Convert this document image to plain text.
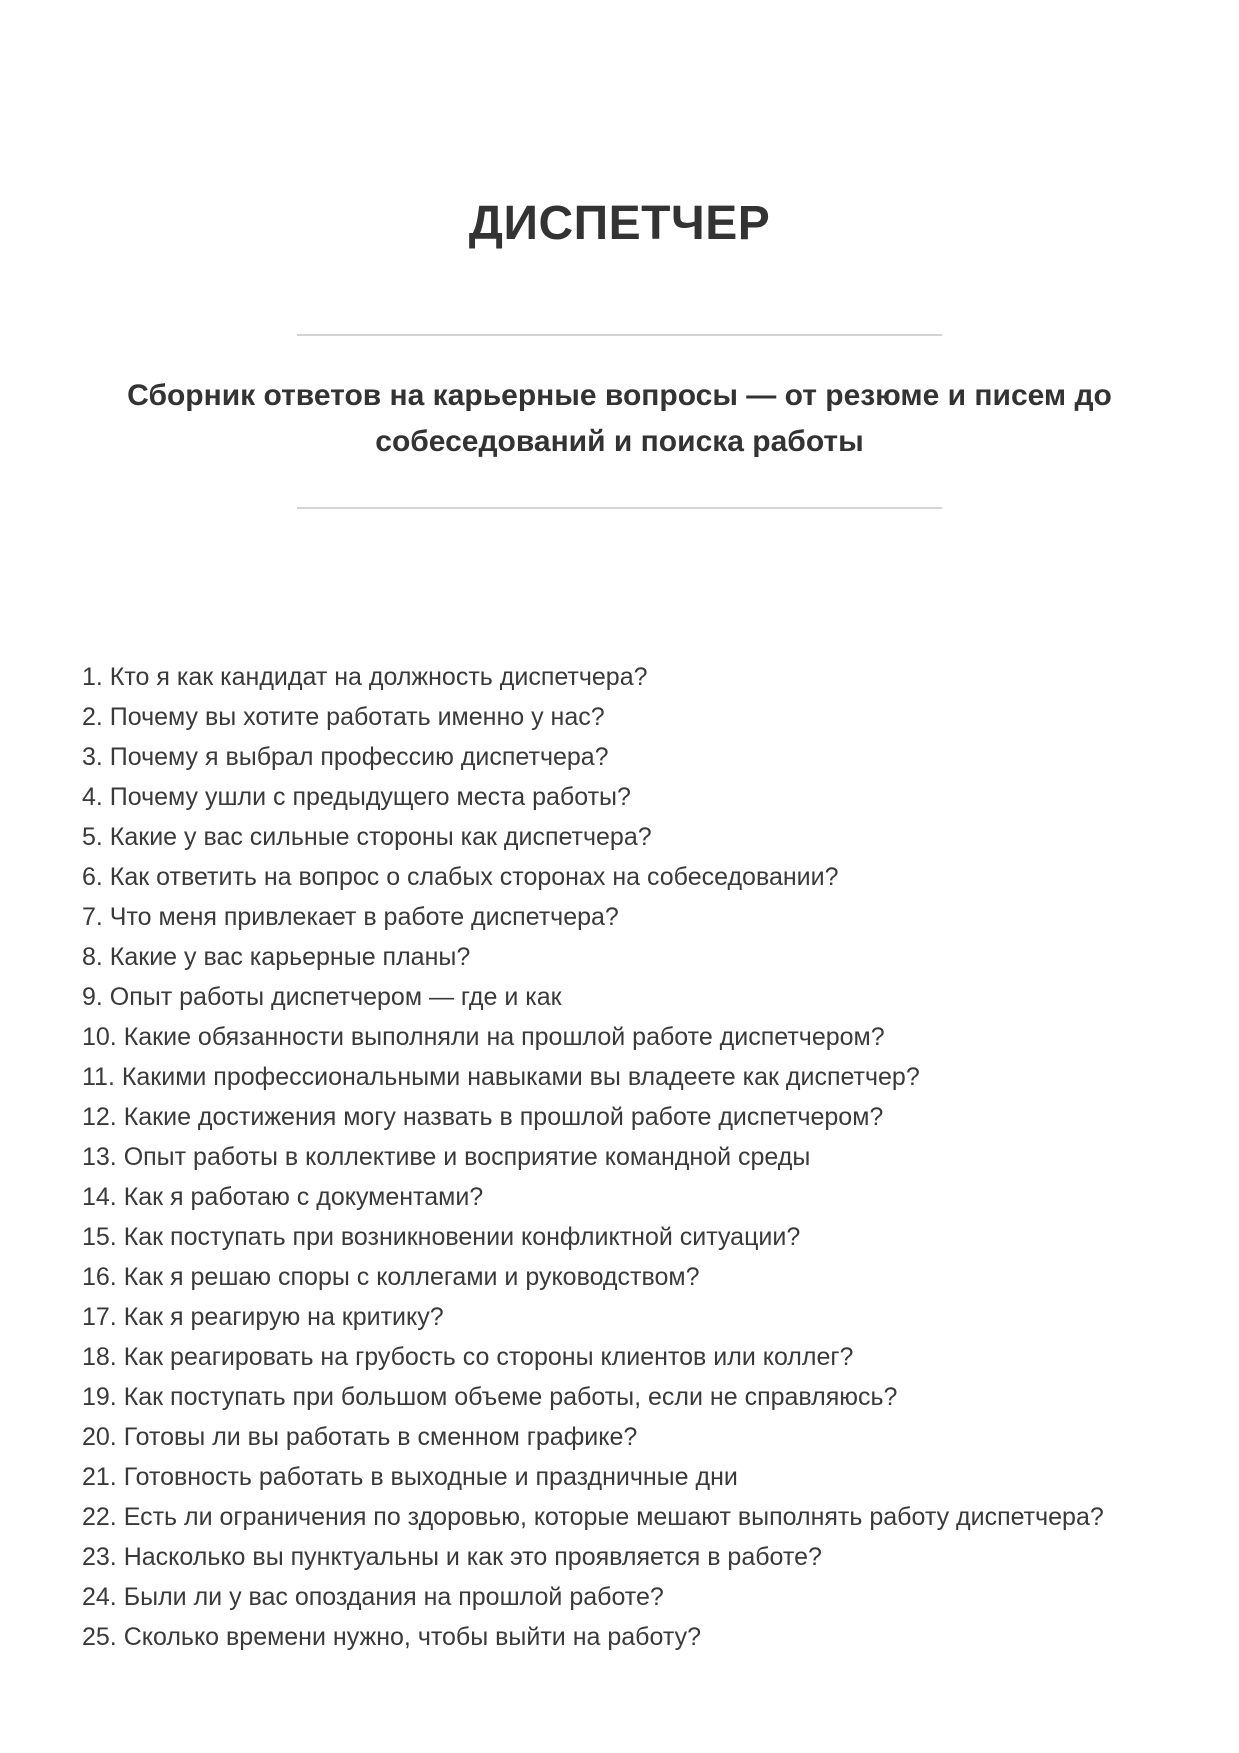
ДИСПЕТЧЕР
Сборник ответов на карьерные вопросы — от резюме и писем до
собеседований и поиска работы
1. Кто я как кандидат на должность диспетчера?
2. Почему вы хотите работать именно у нас?
3. Почему я выбрал профессию диспетчера?
4. Почему ушли с предыдущего места работы?
5. Какие у вас сильные стороны как диспетчера?
6. Как ответить на вопрос о слабых сторонах на собеседовании?
7. Что меня привлекает в работе диспетчера?
8. Какие у вас карьерные планы?
9. Опыт работы диспетчером — где и как
10. Какие обязанности выполняли на прошлой работе диспетчером?
11. Какими профессиональными навыками вы владеете как диспетчер?
12. Какие достижения могу назвать в прошлой работе диспетчером?
13. Опыт работы в коллективе и восприятие командной среды
14. Как я работаю с документами?
15. Как поступать при возникновении конфликтной ситуации?
16. Как я решаю споры с коллегами и руководством?
17. Как я реагирую на критику?
18. Как реагировать на грубость со стороны клиентов или коллег?
19. Как поступать при большом объеме работы, если не справляюсь?
20. Готовы ли вы работать в сменном графике?
21. Готовность работать в выходные и праздничные дни
22. Есть ли ограничения по здоровью, которые мешают выполнять работу диспетчера?
23. Насколько вы пунктуальны и как это проявляется в работе?
24. Были ли у вас опоздания на прошлой работе?
25. Сколько времени нужно, чтобы выйти на работу?
